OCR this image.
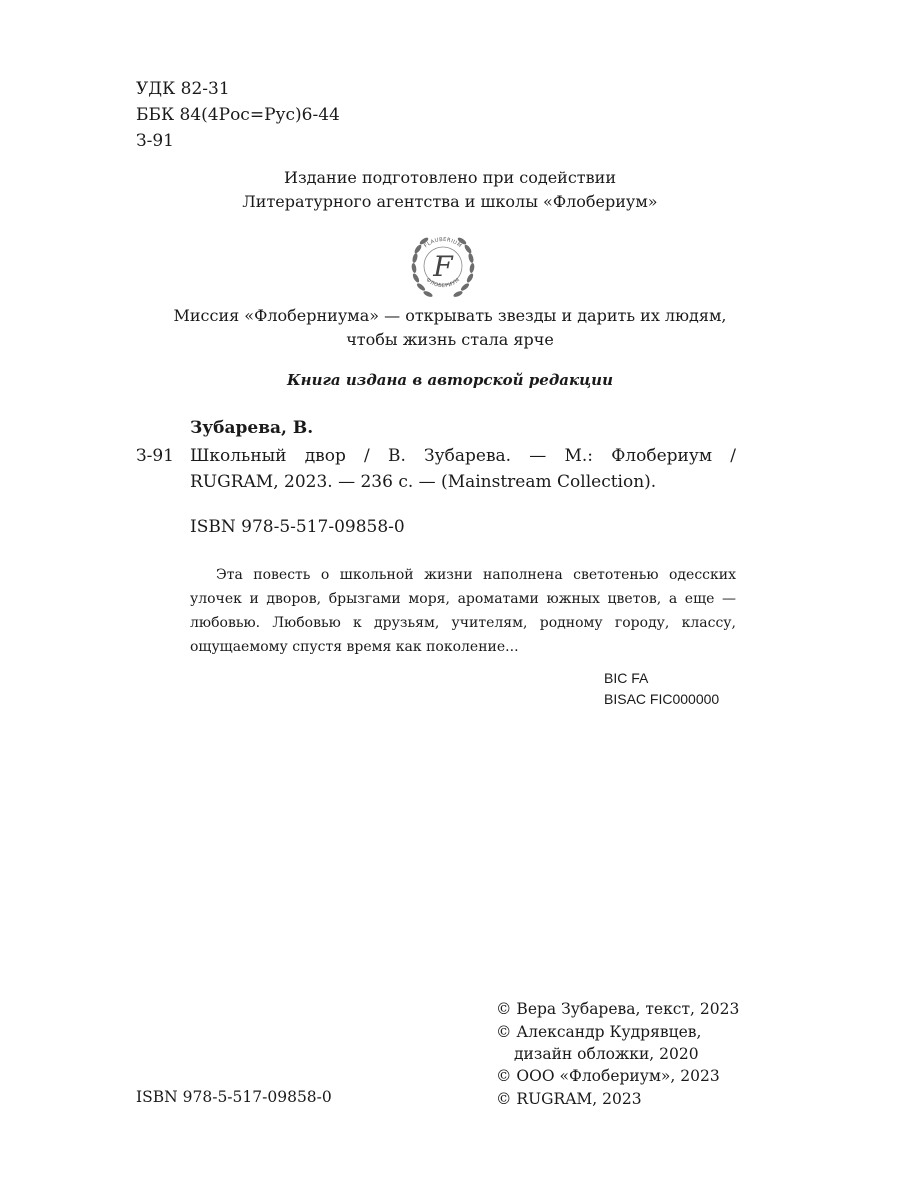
УДК 82-31
ББК 84(4Рос=Рус)6-44
З-91
Издание подготовлено при содействии
Литературного агентства и школы «Флобериум»
FLAUBERIUM
ФЛОБЕРИУМ
F
Миссия «Флоберниума» — открывать звезды и дарить их людям,
чтобы жизнь стала ярче
Книга издана в авторской редакции
Зубарева, В.
З-91 Школьный двор / В. Зубарева. — М.: Флобериум /
RUGRAM, 2023. — 236 с. — (Mainstream Collection).
ISBN 978-5-517-09858-0
Эта повесть о школьной жизни наполнена светотенью одесских улочек и дворов, брызгами моря, ароматами южных цветов, а еще — любовью. Любовью к друзьям, учителям, родному городу, классу, ощущаемому спустя время как поколение...
BIC FA
BISAC FIC000000
ISBN 978-5-517-09858-0
© Вера Зубарева, текст, 2023
© Александр Кудрявцев,
дизайн обложки, 2020
© ООО «Флобериум», 2023
© RUGRAM, 2023
